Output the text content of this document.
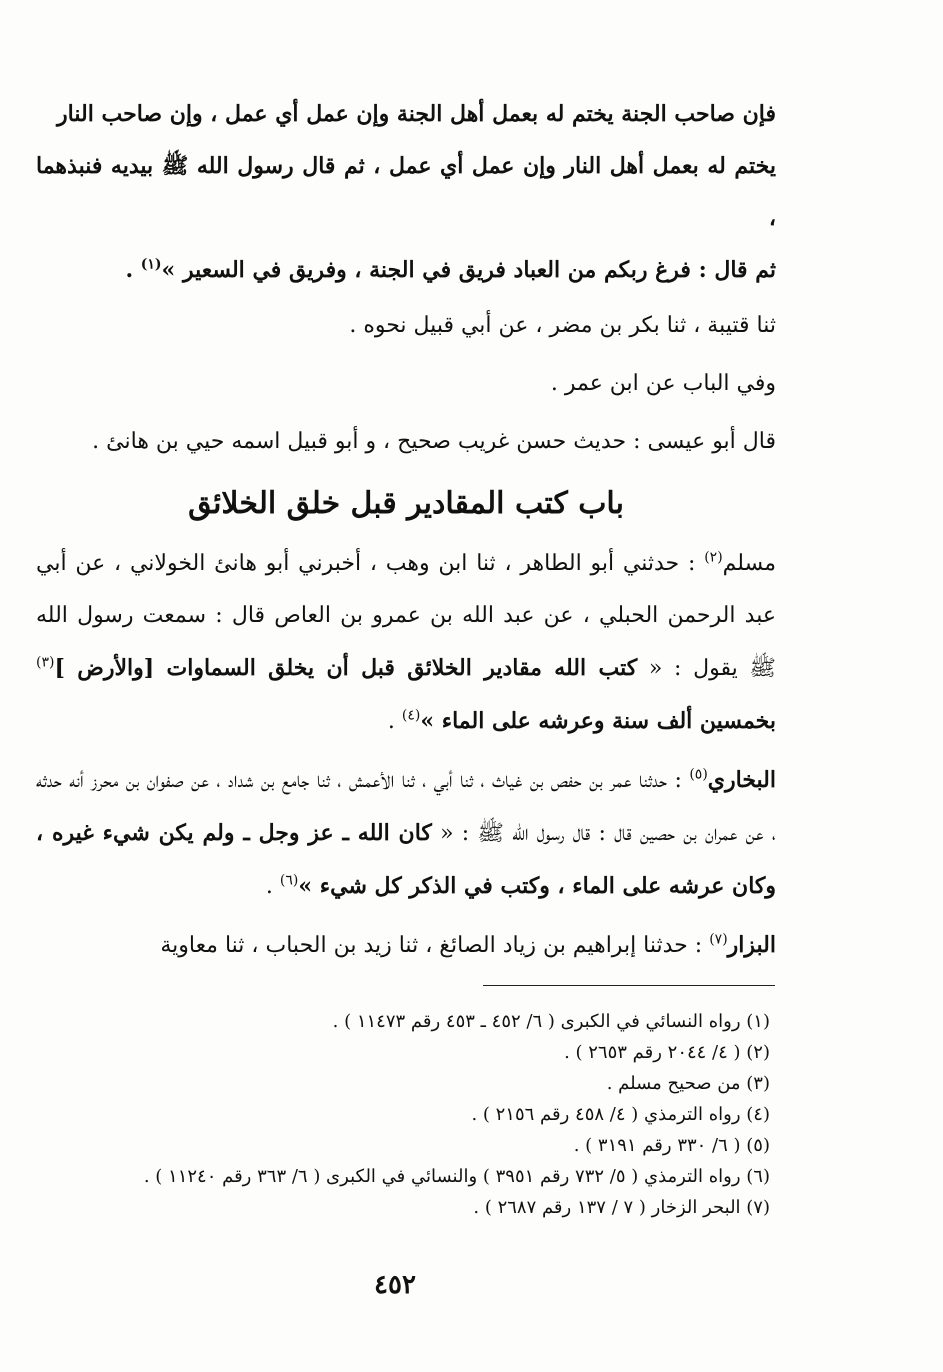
فإن صاحب الجنة يختم له بعمل أهل الجنة وإن عمل أي عمل ، وإن صاحب النار
يختم له بعمل أهل النار وإن عمل أي عمل ، ثم قال رسول الله ﷺ بيديه فنبذهما ،
ثم قال : فرغ ربكم من العباد فريق في الجنة ، وفريق في السعير »$^{(١)}$ .

ثنا قتيبة ، ثنا بكر بن مضر ، عن أبي قبيل نحوه .

وفي الباب عن ابن عمر .

قال أبو عيسى : حديث حسن غريب صحيح ، و أبو قبيل اسمه حيي بن هانئ .

باب كتب المقادير قبل خلق الخلائق

مسلم$^{(٢)}$ : حدثني أبو الطاهر ، ثنا ابن وهب ، أخبرني أبو هانئ الخولاني ، عن أبي عبد الرحمن الحبلي ، عن عبد الله بن عمرو بن العاص قال : سمعت رسول الله ﷺ يقول : « كتب الله مقادير الخلائق قبل أن يخلق السماوات [والأرض ]$^{(٣)}$ بخمسين ألف سنة وعرشه على الماء »$^{(٤)}$ .

البخاري$^{(٥)}$ : حدثنا عمر بن حفص بن غياث ، ثنا أبي ، ثنا الأعمش ، ثنا جامع بن شداد ، عن صفوان بن محرز أنه حدثه ، عن عمران بن حصين قال : قال رسول الله ﷺ : « كان الله ـ عز وجل ـ ولم يكن شيء غيره ، وكان عرشه على الماء ، وكتب في الذكر كل شيء »$^{(٦)}$ .

البزار$^{(٧)}$ : حدثنا إبراهيم بن زياد الصائغ ، ثنا زيد بن الحباب ، ثنا معاوية

(١) رواه النسائي في الكبرى ( ٦/ ٤٥٢ ـ ٤٥٣ رقم ١١٤٧٣ ) .
(٢) ( ٤/ ٢٠٤٤ رقم ٢٦٥٣ ) .
(٣) من صحيح مسلم .
(٤) رواه الترمذي ( ٤/ ٤٥٨ رقم ٢١٥٦ ) .
(٥) ( ٦/ ٣٣٠ رقم ٣١٩١ ) .
(٦) رواه الترمذي ( ٥/ ٧٣٢ رقم ٣٩٥١ ) والنسائي في الكبرى ( ٦/ ٣٦٣ رقم ١١٢٤٠ ) .
(٧) البحر الزخار ( ٧ / ١٣٧ رقم ٢٦٨٧ ) .
٤٥٢
